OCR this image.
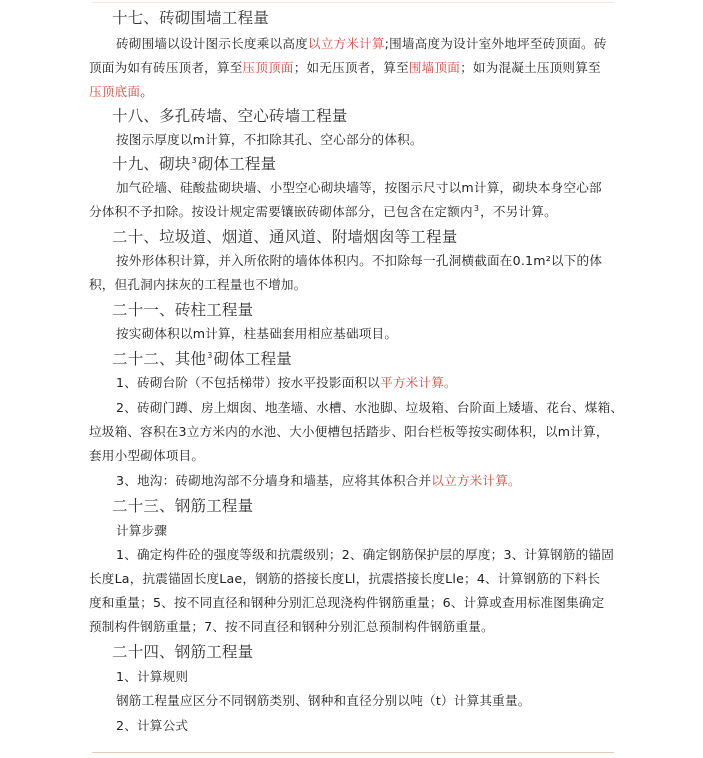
十七、砖砌围墙工程量
砖砌围墙以设计图示长度乘以高度以立方米计算;围墙高度为设计室外地坪至砖顶面。砖
顶面为如有砖压顶者，算至压顶顶面；如无压顶者，算至围墙顶面；如为混凝土压顶则算至
压顶底面。
十八、多孔砖墙、空心砖墙工程量
按图示厚度以m计算，不扣除其孔、空心部分的体积。
十九、砌块$^3$砌体工程量
加气砼墙、硅酸盐砌块墙、小型空心砌块墙等，按图示尺寸以m计算，砌块本身空心部
分体积不予扣除。按设计规定需要镶嵌砖砌体部分，已包含在定额内$^3$，不另计算。
二十、垃圾道、烟道、通风道、附墙烟囱等工程量
按外形体积计算，并入所依附的墙体体积内。不扣除每一孔洞横截面在0.1m²以下的体
积，但孔洞内抹灰的工程量也不增加。
二十一、砖柱工程量
按实砌体积以m计算，柱基础套用相应基础项目。
二十二、其他$^3$砌体工程量
1、砖砌台阶（不包括梯带）按水平投影面积以平方米计算。
2、砖砌门蹲、房上烟囱、地垄墙、水槽、水池脚、垃圾箱、台阶面上矮墙、花台、煤箱、
垃圾箱、容积在3立方米内的水池、大小便槽包括踏步、阳台栏板等按实砌体积，以m计算，
套用小型砌体项目。
3、地沟：砖砌地沟部不分墙身和墙基，应将其体积合并以立方米计算。
二十三、钢筋工程量
计算步骤
1、确定构件砼的强度等级和抗震级别；2、确定钢筋保护层的厚度；3、计算钢筋的锚固
长度La，抗震锚固长度Lae，钢筋的搭接长度Ll，抗震搭接长度Lle；4、计算钢筋的下料长
度和重量；5、按不同直径和钢种分别汇总现浇构件钢筋重量；6、计算或查用标准图集确定
预制构件钢筋重量；7、按不同直径和钢种分别汇总预制构件钢筋重量。
二十四、钢筋工程量
1、计算规则
钢筋工程量应区分不同钢筋类别、钢种和直径分别以吨（t）计算其重量。
2、计算公式
